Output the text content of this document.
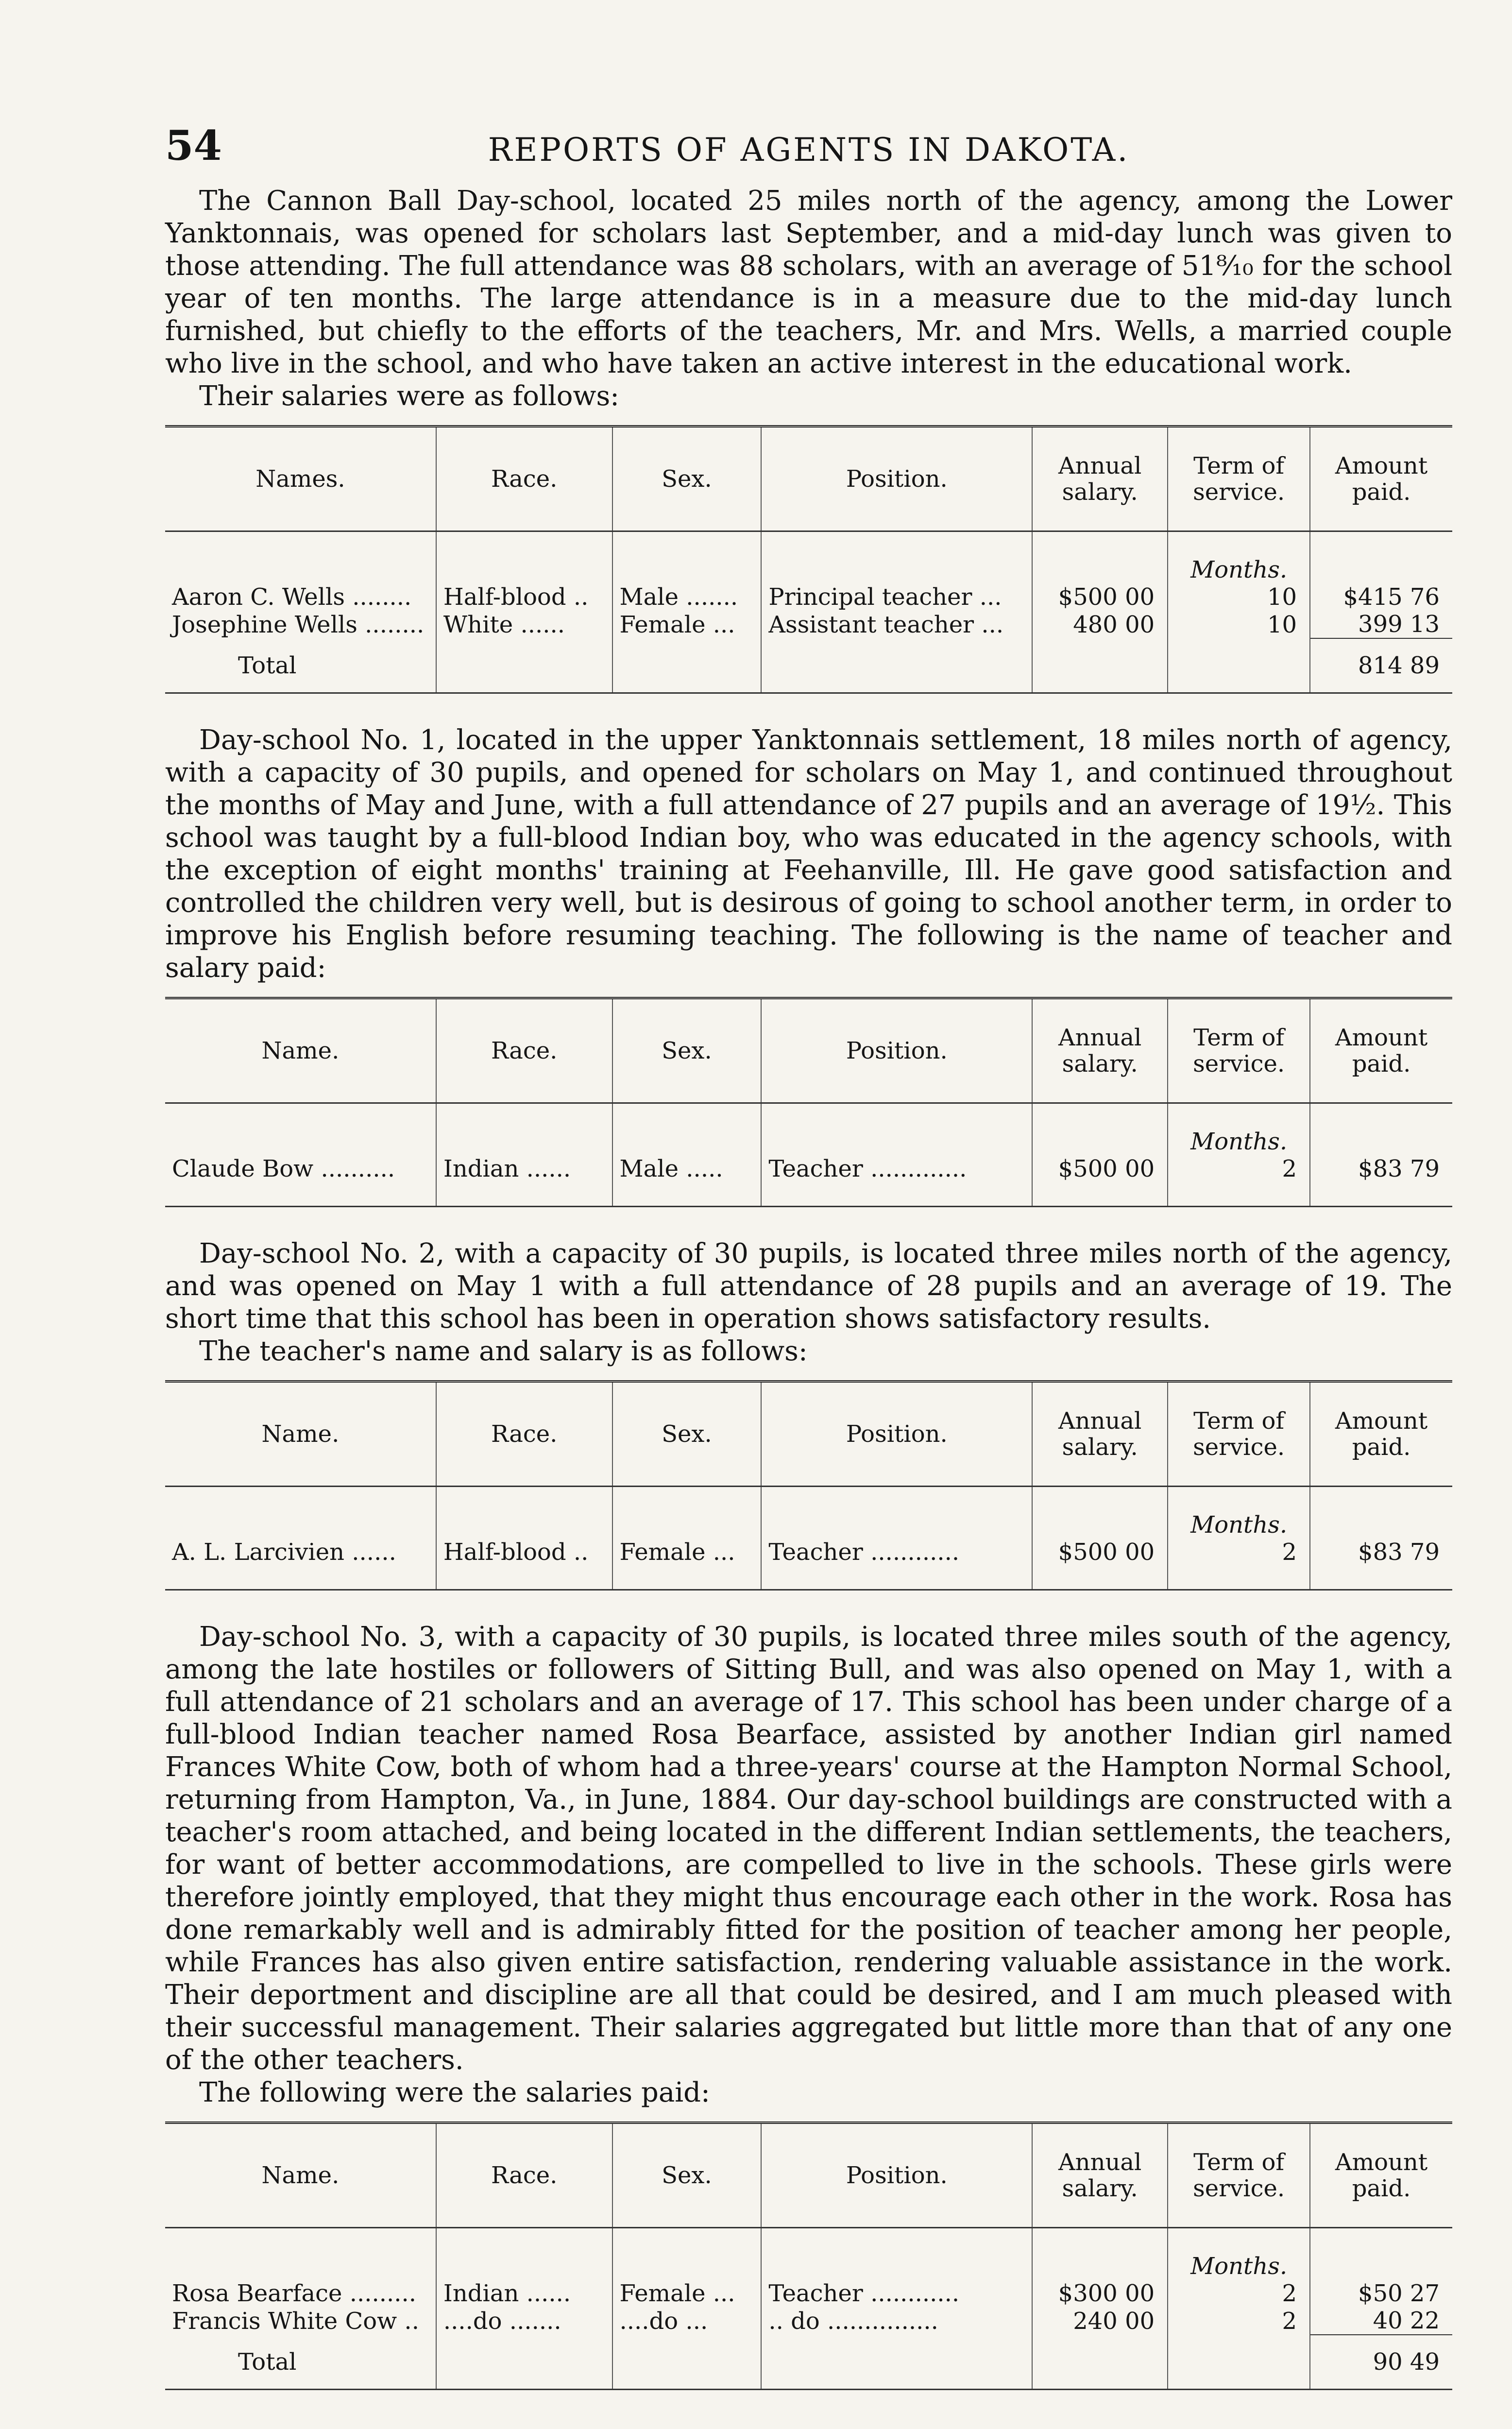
54	REPORTS OF AGENTS IN DAKOTA.

The Cannon Ball Day-school, located 25 miles north of the agency, among the Lower Yanktonnais, was opened for scholars last September, and a mid-day lunch was given to those attending. The full attendance was 88 scholars, with an average of 51⁸⁄₁₀ for the school year of ten months. The large attendance is in a measure due to the mid-day lunch furnished, but chiefly to the efforts of the teachers, Mr. and Mrs. Wells, a married couple who live in the school, and who have taken an active interest in the educational work.

Their salaries were as follows:

Names.	Race.	Sex.	Position.	Annual salary.	Term of service.	Amount paid.

					Months.	
Aaron C. Wells ........	Half-blood ..	Male .......	Principal teacher ...	$500 00	10	$415 76
Josephine Wells ........	White ......	Female ...	Assistant teacher ...	480 00	10	399 13
Total						814 89

Day-school No. 1, located in the upper Yanktonnais settlement, 18 miles north of agency, with a capacity of 30 pupils, and opened for scholars on May 1, and continued throughout the months of May and June, with a full attendance of 27 pupils and an average of 19½. This school was taught by a full-blood Indian boy, who was educated in the agency schools, with the exception of eight months' training at Feehanville, Ill. He gave good satisfaction and controlled the children very well, but is desirous of going to school another term, in order to improve his English before resuming teaching. The following is the name of teacher and salary paid:

Name.	Race.	Sex.	Position.	Annual salary.	Term of service.	Amount paid.

					Months.	
Claude Bow ..........	Indian ......	Male .....	Teacher .............	$500 00	2	$83 79

Day-school No. 2, with a capacity of 30 pupils, is located three miles north of the agency, and was opened on May 1 with a full attendance of 28 pupils and an average of 19. The short time that this school has been in operation shows satisfactory results.

The teacher's name and salary is as follows:

Name.	Race.	Sex.	Position.	Annual salary.	Term of service.	Amount paid.

					Months.	
A. L. Larcivien ......	Half-blood ..	Female ...	Teacher ............	$500 00	2	$83 79

Day-school No. 3, with a capacity of 30 pupils, is located three miles south of the agency, among the late hostiles or followers of Sitting Bull, and was also opened on May 1, with a full attendance of 21 scholars and an average of 17. This school has been under charge of a full-blood Indian teacher named Rosa Bearface, assisted by another Indian girl named Frances White Cow, both of whom had a three-years' course at the Hampton Normal School, returning from Hampton, Va., in June, 1884. Our day-school buildings are constructed with a teacher's room attached, and being located in the different Indian settlements, the teachers, for want of better accommodations, are compelled to live in the schools. These girls were therefore jointly employed, that they might thus encourage each other in the work. Rosa has done remarkably well and is admirably fitted for the position of teacher among her people, while Frances has also given entire satisfaction, rendering valuable assistance in the work. Their deportment and discipline are all that could be desired, and I am much pleased with their successful management. Their salaries aggregated but little more than that of any one of the other teachers.

The following were the salaries paid:

Name.	Race.	Sex.	Position.	Annual salary.	Term of service.	Amount paid.

					Months.	
Rosa Bearface .........	Indian ......	Female ...	Teacher ............	$300 00	2	$50 27
Francis White Cow ..	....do .......	....do ...	.. do ...............	240 00	2	40 22
Total						90 49
